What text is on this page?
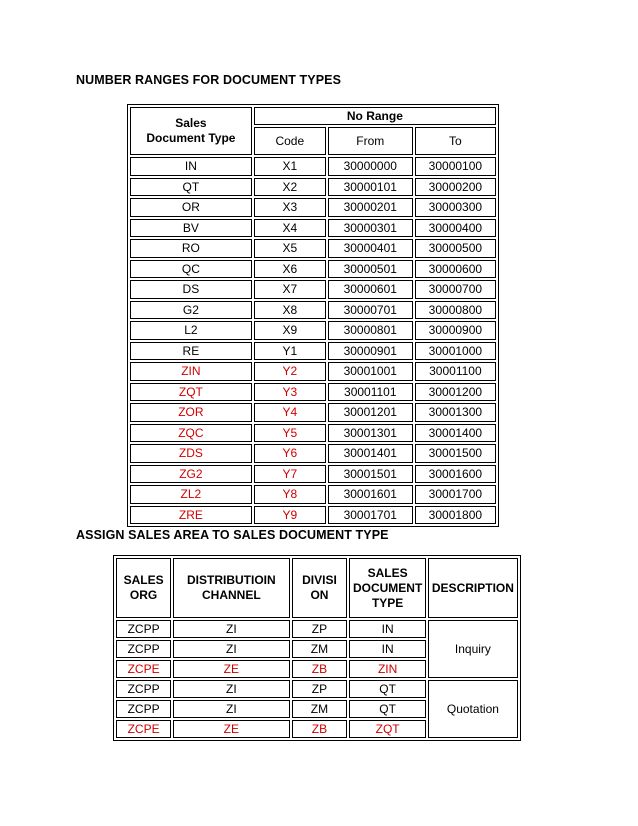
NUMBER RANGES FOR DOCUMENT TYPES
Sales Document Type	No Range		
	Code	From	To
IN	X1	30000000	30000100
QT	X2	30000101	30000200
OR	X3	30000201	30000300
BV	X4	30000301	30000400
RO	X5	30000401	30000500
QC	X6	30000501	30000600
DS	X7	30000601	30000700
G2	X8	30000701	30000800
L2	X9	30000801	30000900
RE	Y1	30000901	30001000
ZIN	Y2	30001001	30001100
ZQT	Y3	30001101	30001200
ZOR	Y4	30001201	30001300
ZQC	Y5	30001301	30001400
ZDS	Y6	30001401	30001500
ZG2	Y7	30001501	30001600
ZL2	Y8	30001601	30001700
ZRE	Y9	30001701	30001800
ASSIGN SALES AREA TO SALES DOCUMENT TYPE
SALES ORG	DISTRIBUTIOIN CHANNEL	DIVISI ON	SALES DOCUMENT TYPE	DESCRIPTION
ZCPP	ZI	ZP	IN	Inquiry
ZCPP	ZI	ZM	IN	
ZCPE	ZE	ZB	ZIN	
ZCPP	ZI	ZP	QT	Quotation
ZCPP	ZI	ZM	QT	
ZCPE	ZE	ZB	ZQT	
